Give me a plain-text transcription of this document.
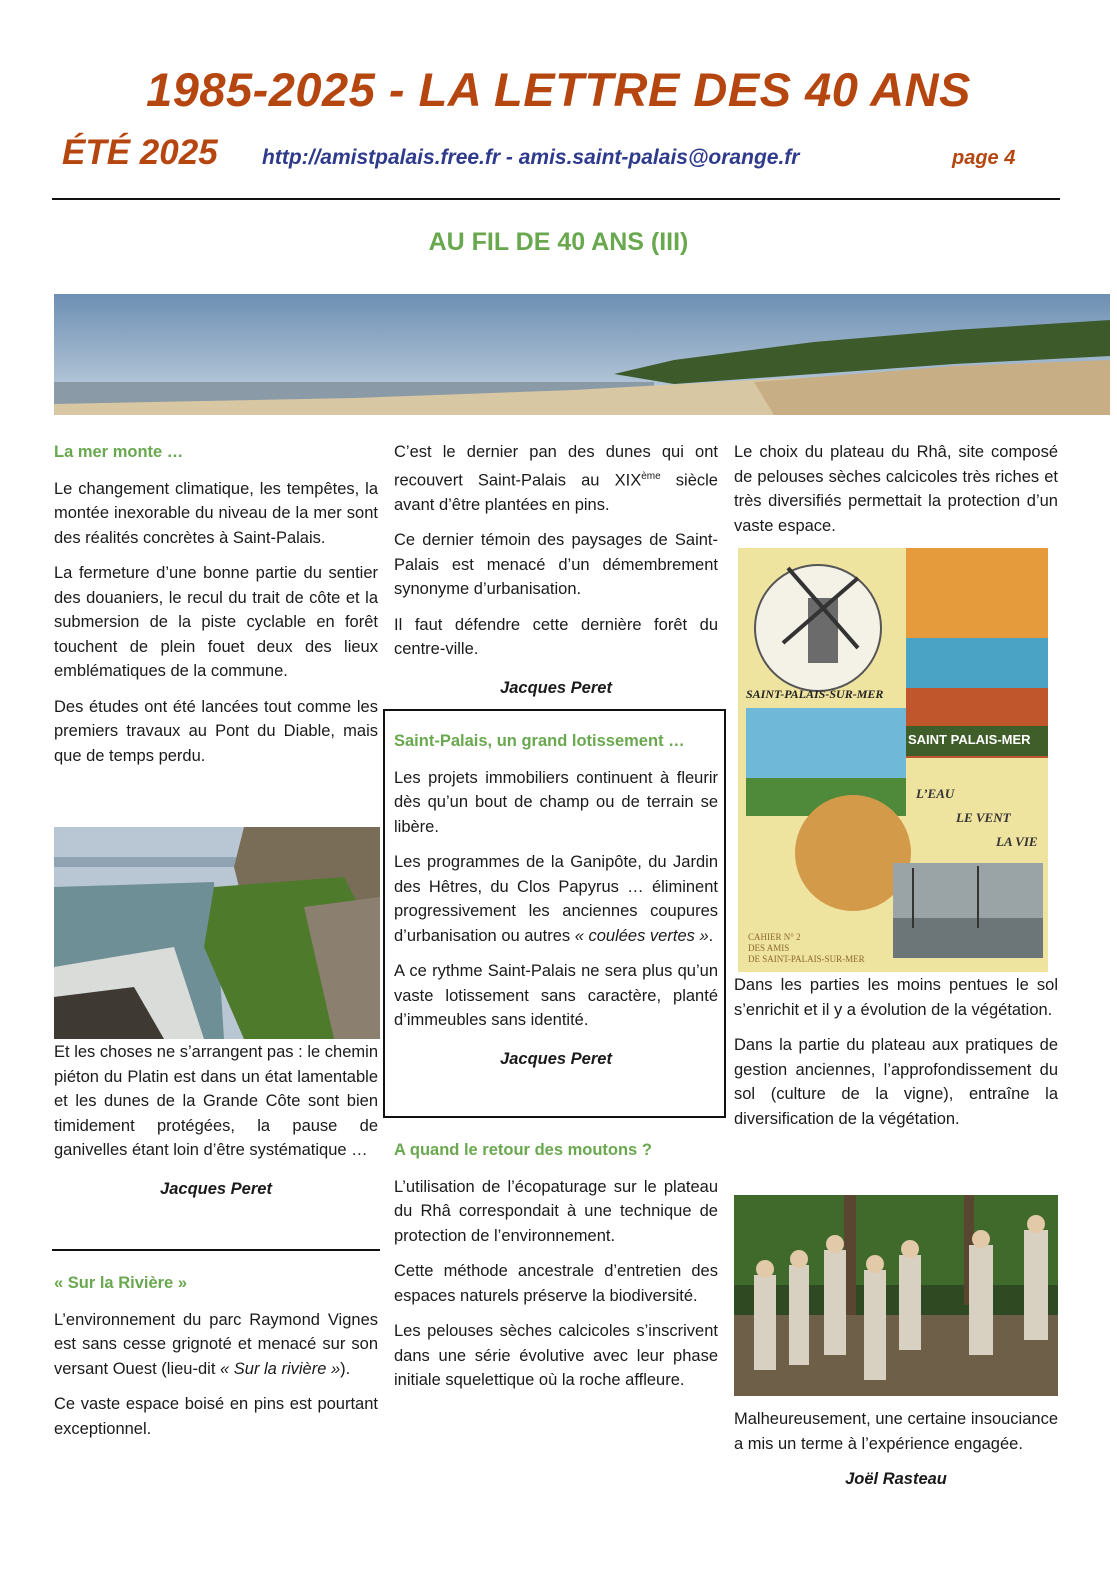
1985-2025 - LA LETTRE DES 40 ANS
ÉTÉ 2025 http://amistpalais.free.fr - amis.saint-palais@orange.fr	page 4
AU FIL DE 40 ANS (III)
La mer monte …

Le changement climatique, les tempêtes, la montée inexorable du niveau de la mer sont des réalités concrètes à Saint-Palais.

La fermeture d’une bonne partie du sentier des douaniers, le recul du trait de côte et la submersion de la piste cyclable en forêt touchent de plein fouet deux des lieux emblématiques de la commune.

Des études ont été lancées tout comme les premiers travaux au Pont du Diable, mais que de temps perdu.

Et les choses ne s’arrangent pas : le chemin piéton du Platin est dans un état lamentable et les dunes de la Grande Côte sont bien timidement protégées, la pause de ganivelles étant loin d’être systématique …

Jacques Peret
« Sur la Rivière »

L’environnement du parc Raymond Vignes est sans cesse grignoté et menacé sur son versant Ouest (lieu-dit « Sur la rivière »).

Ce vaste espace boisé en pins est pourtant exceptionnel.

C’est le dernier pan des dunes qui ont recouvert Saint-Palais au XIXème siècle avant d’être plantées en pins.

Ce dernier témoin des paysages de Saint-Palais est menacé d’un démembrement synonyme d’urbanisation.

Il faut défendre cette dernière forêt du centre-ville.

Jacques Peret
Saint-Palais, un grand lotissement …

Les projets immobiliers continuent à fleurir dès qu’un bout de champ ou de terrain se libère.

Les programmes de la Ganipôte, du Jardin des Hêtres, du Clos Papyrus … éliminent progressivement les anciennes coupures d’urbanisation ou autres « coulées vertes ».

A ce rythme Saint-Palais ne sera plus qu’un vaste lotissement sans caractère, planté d’immeubles sans identité.

Jacques Peret
A quand le retour des moutons ?

L’utilisation de l’écopaturage sur le plateau du Rhâ correspondait à une technique de protection de l’environnement.

Cette méthode ancestrale d’entretien des espaces naturels préserve la biodiversité.

Les pelouses sèches calcicoles s’inscrivent dans une série évolutive avec leur phase initiale squelettique où la roche affleure.

Le choix du plateau du Rhâ, site composé de pelouses sèches calcicoles très riches et très diversifiés permettait la protection d’un vaste espace.

SAINT-PALAIS-SUR-MER
SAINT PALAIS-MER
L’EAU
LE VENT
LA VIE
CAHIER N° 2
DES AMIS
DE SAINT-PALAIS-SUR-MER

Dans les parties les moins pentues le sol s’enrichit et il y a évolution de la végétation.

Dans la partie du plateau aux pratiques de gestion anciennes, l’approfondissement du sol (culture de la vigne), entraîne la diversification de la végétation.

Malheureusement, une certaine insouciance a mis un terme à l’expérience engagée.

Joël Rasteau
